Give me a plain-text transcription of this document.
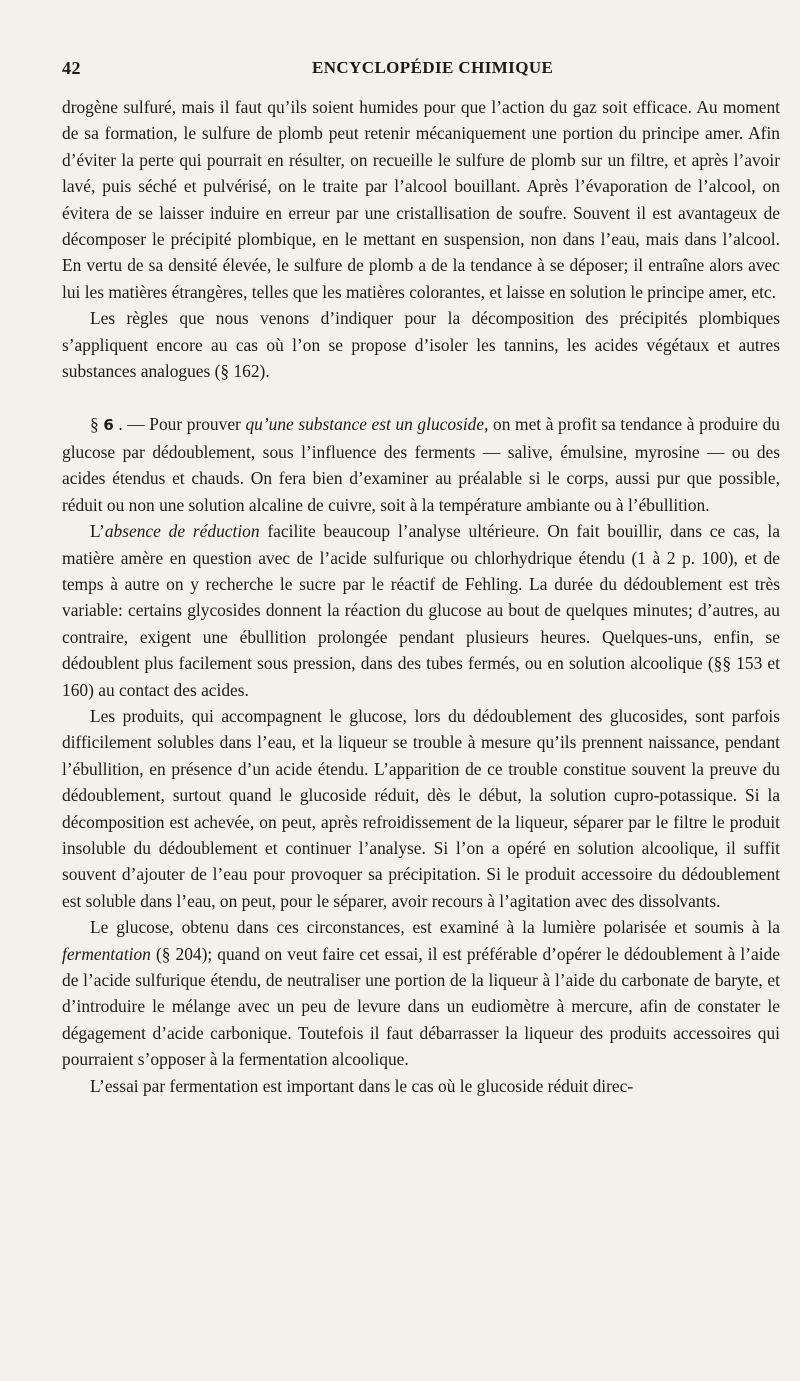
42	ENCYCLOPÉDIE CHIMIQUE

drogène sulfuré, mais il faut qu’ils soient humides pour que l’action du gaz soit efficace. Au moment de sa formation, le sulfure de plomb peut retenir mécaniquement une portion du principe amer. Afin d’éviter la perte qui pourrait en résulter, on recueille le sulfure de plomb sur un filtre, et après l’avoir lavé, puis séché et pulvérisé, on le traite par l’alcool bouillant. Après l’évaporation de l’alcool, on évitera de se laisser induire en erreur par une cristallisation de soufre. Souvent il est avantageux de décomposer le précipité plombique, en le mettant en suspension, non dans l’eau, mais dans l’alcool. En vertu de sa densité élevée, le sulfure de plomb a de la tendance à se déposer; il entraîne alors avec lui les matières étrangères, telles que les matières colorantes, et laisse en solution le principe amer, etc.

Les règles que nous venons d’indiquer pour la décomposition des précipités plombiques s’appliquent encore au cas où l’on se propose d’isoler les tannins, les acides végétaux et autres substances analogues (§ 162).

§ 6 . — Pour prouver qu’une substance est un glucoside, on met à profit sa tendance à produire du glucose par dédoublement, sous l’influence des ferments — salive, émulsine, myrosine — ou des acides étendus et chauds. On fera bien d’examiner au préalable si le corps, aussi pur que possible, réduit ou non une solution alcaline de cuivre, soit à la température ambiante ou à l’ébullition.

L’absence de réduction facilite beaucoup l’analyse ultérieure. On fait bouillir, dans ce cas, la matière amère en question avec de l’acide sulfurique ou chlorhydrique étendu (1 à 2 p. 100), et de temps à autre on y recherche le sucre par le réactif de Fehling. La durée du dédoublement est très variable: certains glycosides donnent la réaction du glucose au bout de quelques minutes; d’autres, au contraire, exigent une ébullition prolongée pendant plusieurs heures. Quelques-uns, enfin, se dédoublent plus facilement sous pression, dans des tubes fermés, ou en solution alcoolique (§§ 153 et 160) au contact des acides.

Les produits, qui accompagnent le glucose, lors du dédoublement des glucosides, sont parfois difficilement solubles dans l’eau, et la liqueur se trouble à mesure qu’ils prennent naissance, pendant l’ébullition, en présence d’un acide étendu. L’apparition de ce trouble constitue souvent la preuve du dédoublement, surtout quand le glucoside réduit, dès le début, la solution cupro-potassique. Si la décomposition est achevée, on peut, après refroidissement de la liqueur, séparer par le filtre le produit insoluble du dédoublement et continuer l’analyse. Si l’on a opéré en solution alcoolique, il suffit souvent d’ajouter de l’eau pour provoquer sa précipitation. Si le produit accessoire du dédoublement est soluble dans l’eau, on peut, pour le séparer, avoir recours à l’agitation avec des dissolvants.

Le glucose, obtenu dans ces circonstances, est examiné à la lumière polarisée et soumis à la fermentation (§ 204); quand on veut faire cet essai, il est préférable d’opérer le dédoublement à l’aide de l’acide sulfurique étendu, de neutraliser une portion de la liqueur à l’aide du carbonate de baryte, et d’introduire le mélange avec un peu de levure dans un eudiomètre à mercure, afin de constater le dégagement d’acide carbonique. Toutefois il faut débarrasser la liqueur des produits accessoires qui pourraient s’opposer à la fermentation alcoolique.

L’essai par fermentation est important dans le cas où le glucoside réduit direc-
